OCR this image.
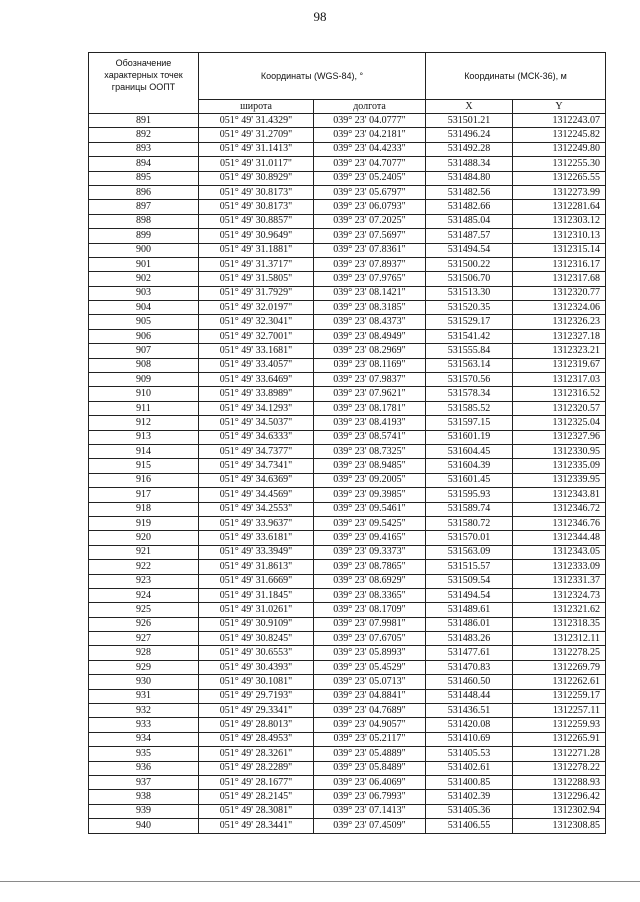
98
Обозначение
характерных точек
границы ООПТ	Координаты (WGS-84), °		Координаты (МСК-36), м	
	широта	долгота	X	Y
891	051° 49' 31.4329"	039° 23' 04.0777"	531501.21	1312243.07
892	051° 49' 31.2709"	039° 23' 04.2181"	531496.24	1312245.82
893	051° 49' 31.1413"	039° 23' 04.4233"	531492.28	1312249.80
894	051° 49' 31.0117"	039° 23' 04.7077"	531488.34	1312255.30
895	051° 49' 30.8929"	039° 23' 05.2405"	531484.80	1312265.55
896	051° 49' 30.8173"	039° 23' 05.6797"	531482.56	1312273.99
897	051° 49' 30.8173"	039° 23' 06.0793"	531482.66	1312281.64
898	051° 49' 30.8857"	039° 23' 07.2025"	531485.04	1312303.12
899	051° 49' 30.9649"	039° 23' 07.5697"	531487.57	1312310.13
900	051° 49' 31.1881"	039° 23' 07.8361"	531494.54	1312315.14
901	051° 49' 31.3717"	039° 23' 07.8937"	531500.22	1312316.17
902	051° 49' 31.5805"	039° 23' 07.9765"	531506.70	1312317.68
903	051° 49' 31.7929"	039° 23' 08.1421"	531513.30	1312320.77
904	051° 49' 32.0197"	039° 23' 08.3185"	531520.35	1312324.06
905	051° 49' 32.3041"	039° 23' 08.4373"	531529.17	1312326.23
906	051° 49' 32.7001"	039° 23' 08.4949"	531541.42	1312327.18
907	051° 49' 33.1681"	039° 23' 08.2969"	531555.84	1312323.21
908	051° 49' 33.4057"	039° 23' 08.1169"	531563.14	1312319.67
909	051° 49' 33.6469"	039° 23' 07.9837"	531570.56	1312317.03
910	051° 49' 33.8989"	039° 23' 07.9621"	531578.34	1312316.52
911	051° 49' 34.1293"	039° 23' 08.1781"	531585.52	1312320.57
912	051° 49' 34.5037"	039° 23' 08.4193"	531597.15	1312325.04
913	051° 49' 34.6333"	039° 23' 08.5741"	531601.19	1312327.96
914	051° 49' 34.7377"	039° 23' 08.7325"	531604.45	1312330.95
915	051° 49' 34.7341"	039° 23' 08.9485"	531604.39	1312335.09
916	051° 49' 34.6369"	039° 23' 09.2005"	531601.45	1312339.95
917	051° 49' 34.4569"	039° 23' 09.3985"	531595.93	1312343.81
918	051° 49' 34.2553"	039° 23' 09.5461"	531589.74	1312346.72
919	051° 49' 33.9637"	039° 23' 09.5425"	531580.72	1312346.76
920	051° 49' 33.6181"	039° 23' 09.4165"	531570.01	1312344.48
921	051° 49' 33.3949"	039° 23' 09.3373"	531563.09	1312343.05
922	051° 49' 31.8613"	039° 23' 08.7865"	531515.57	1312333.09
923	051° 49' 31.6669"	039° 23' 08.6929"	531509.54	1312331.37
924	051° 49' 31.1845"	039° 23' 08.3365"	531494.54	1312324.73
925	051° 49' 31.0261"	039° 23' 08.1709"	531489.61	1312321.62
926	051° 49' 30.9109"	039° 23' 07.9981"	531486.01	1312318.35
927	051° 49' 30.8245"	039° 23' 07.6705"	531483.26	1312312.11
928	051° 49' 30.6553"	039° 23' 05.8993"	531477.61	1312278.25
929	051° 49' 30.4393"	039° 23' 05.4529"	531470.83	1312269.79
930	051° 49' 30.1081"	039° 23' 05.0713"	531460.50	1312262.61
931	051° 49' 29.7193"	039° 23' 04.8841"	531448.44	1312259.17
932	051° 49' 29.3341"	039° 23' 04.7689"	531436.51	1312257.11
933	051° 49' 28.8013"	039° 23' 04.9057"	531420.08	1312259.93
934	051° 49' 28.4953"	039° 23' 05.2117"	531410.69	1312265.91
935	051° 49' 28.3261"	039° 23' 05.4889"	531405.53	1312271.28
936	051° 49' 28.2289"	039° 23' 05.8489"	531402.61	1312278.22
937	051° 49' 28.1677"	039° 23' 06.4069"	531400.85	1312288.93
938	051° 49' 28.2145"	039° 23' 06.7993"	531402.39	1312296.42
939	051° 49' 28.3081"	039° 23' 07.1413"	531405.36	1312302.94
940	051° 49' 28.3441"	039° 23' 07.4509"	531406.55	1312308.85
